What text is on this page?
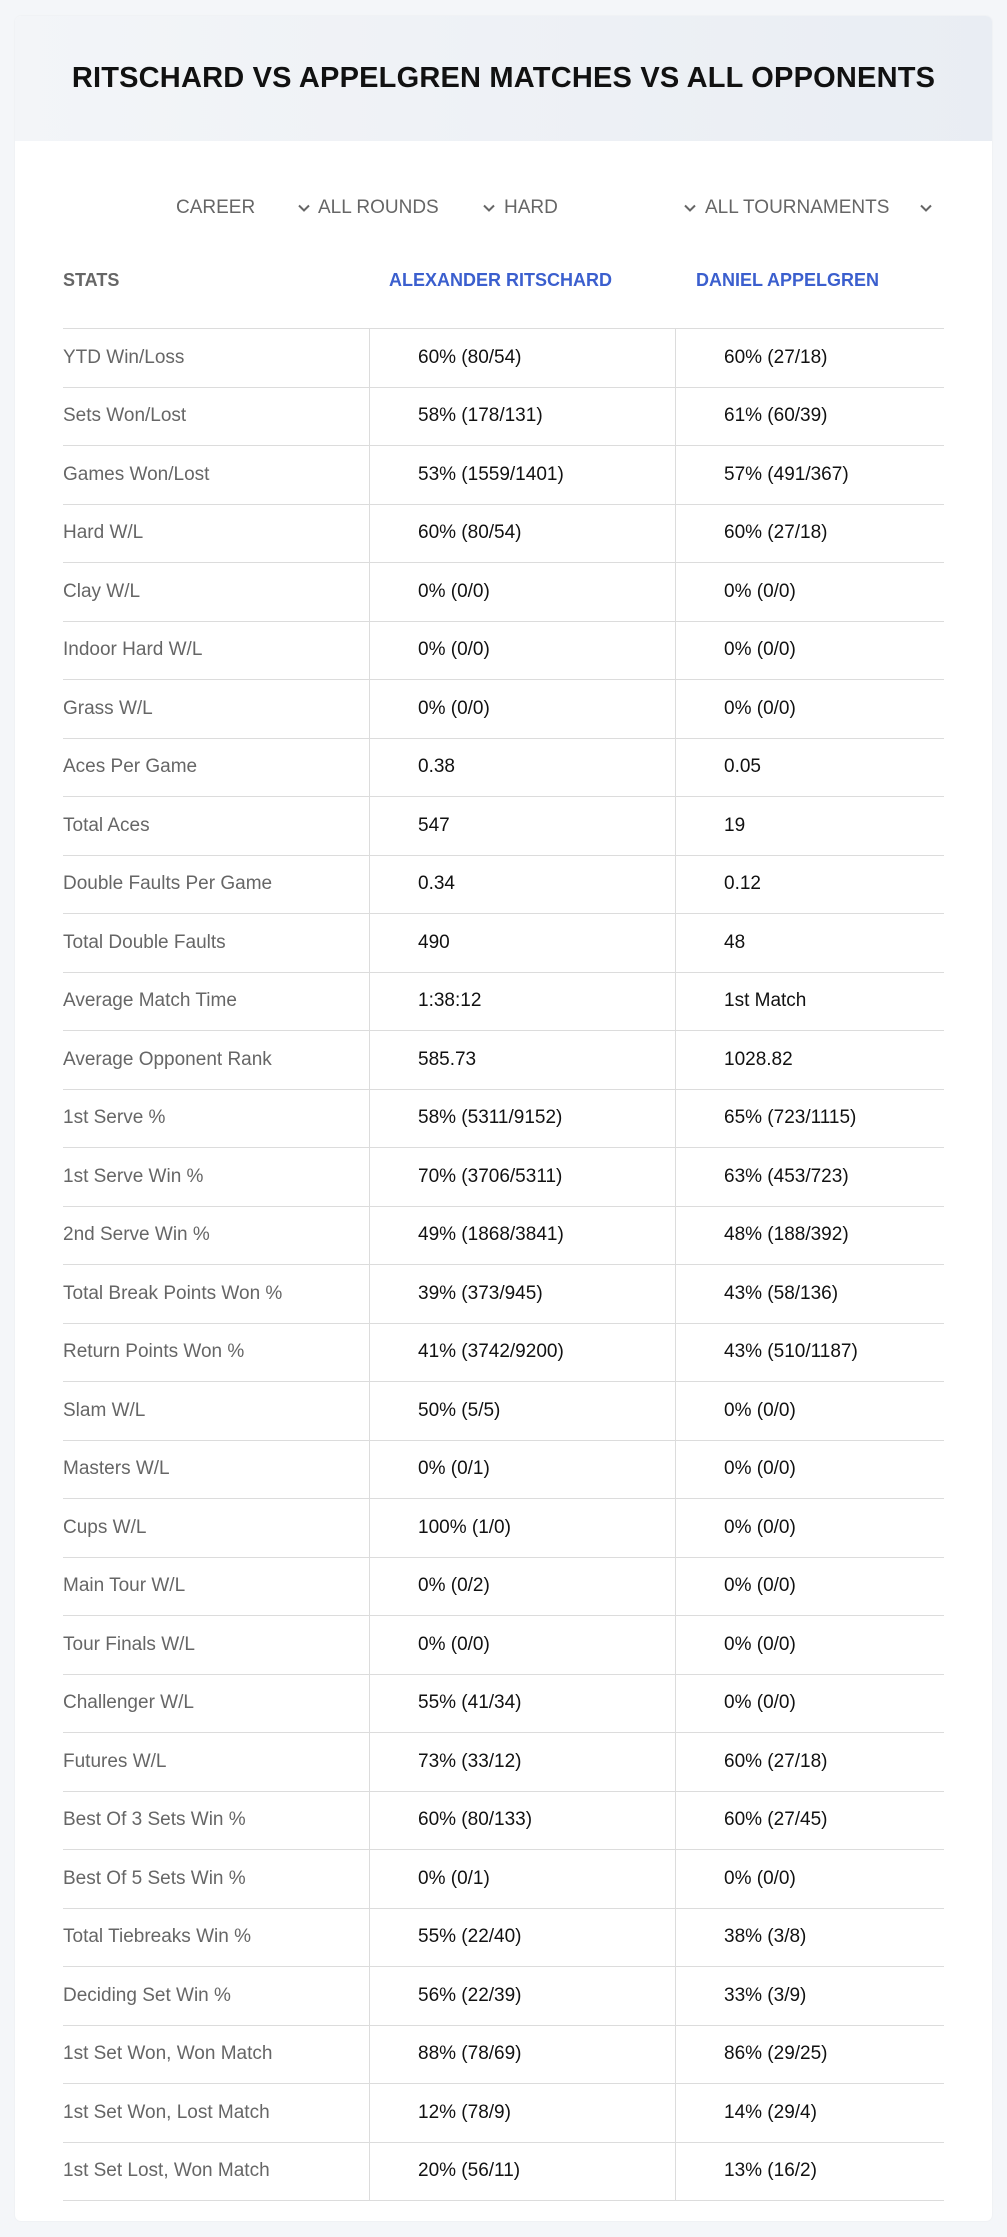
RITSCHARD VS APPELGREN MATCHES VS ALL OPPONENTS
CAREER	ALL ROUNDS	HARD	ALL TOURNAMENTS
STATS	ALEXANDER RITSCHARD	DANIEL APPELGREN
YTD Win/Loss	60% (80/54)	60% (27/18)
Sets Won/Lost	58% (178/131)	61% (60/39)
Games Won/Lost	53% (1559/1401)	57% (491/367)
Hard W/L	60% (80/54)	60% (27/18)
Clay W/L	0% (0/0)	0% (0/0)
Indoor Hard W/L	0% (0/0)	0% (0/0)
Grass W/L	0% (0/0)	0% (0/0)
Aces Per Game	0.38	0.05
Total Aces	547	19
Double Faults Per Game	0.34	0.12
Total Double Faults	490	48
Average Match Time	1:38:12	1st Match
Average Opponent Rank	585.73	1028.82
1st Serve %	58% (5311/9152)	65% (723/1115)
1st Serve Win %	70% (3706/5311)	63% (453/723)
2nd Serve Win %	49% (1868/3841)	48% (188/392)
Total Break Points Won %	39% (373/945)	43% (58/136)
Return Points Won %	41% (3742/9200)	43% (510/1187)
Slam W/L	50% (5/5)	0% (0/0)
Masters W/L	0% (0/1)	0% (0/0)
Cups W/L	100% (1/0)	0% (0/0)
Main Tour W/L	0% (0/2)	0% (0/0)
Tour Finals W/L	0% (0/0)	0% (0/0)
Challenger W/L	55% (41/34)	0% (0/0)
Futures W/L	73% (33/12)	60% (27/18)
Best Of 3 Sets Win %	60% (80/133)	60% (27/45)
Best Of 5 Sets Win %	0% (0/1)	0% (0/0)
Total Tiebreaks Win %	55% (22/40)	38% (3/8)
Deciding Set Win %	56% (22/39)	33% (3/9)
1st Set Won, Won Match	88% (78/69)	86% (29/25)
1st Set Won, Lost Match	12% (78/9)	14% (29/4)
1st Set Lost, Won Match	20% (56/11)	13% (16/2)
